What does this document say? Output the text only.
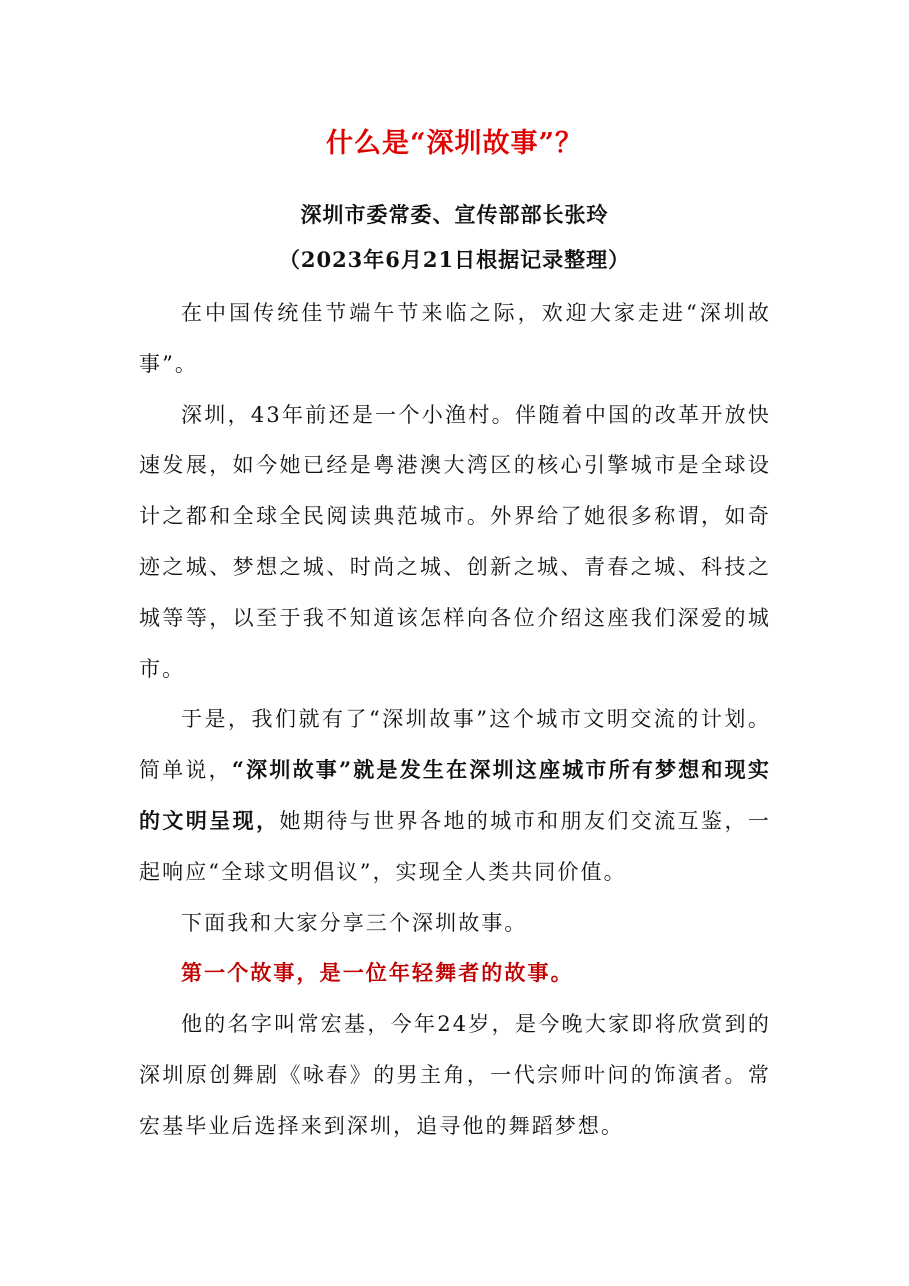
什么是“深圳故事”？
深圳市委常委、宣传部部长张玲
（2023年6月21日根据记录整理）

在中国传统佳节端午节来临之际，欢迎大家走进“深圳故事”。

深圳，43年前还是一个小渔村。伴随着中国的改革开放快速发展，如今她已经是粤港澳大湾区的核心引擎城市是全球设计之都和全球全民阅读典范城市。外界给了她很多称谓，如奇迹之城、梦想之城、时尚之城、创新之城、青春之城、科技之城等等，以至于我不知道该怎样向各位介绍这座我们深爱的城市。

于是，我们就有了“深圳故事”这个城市文明交流的计划。简单说，“深圳故事”就是发生在深圳这座城市所有梦想和现实的文明呈现，她期待与世界各地的城市和朋友们交流互鉴，一起响应“全球文明倡议”，实现全人类共同价值。

下面我和大家分享三个深圳故事。

第一个故事，是一位年轻舞者的故事。

他的名字叫常宏基，今年24岁，是今晚大家即将欣赏到的深圳原创舞剧《咏春》的男主角，一代宗师叶问的饰演者。常宏基毕业后选择来到深圳，追寻他的舞蹈梦想。
